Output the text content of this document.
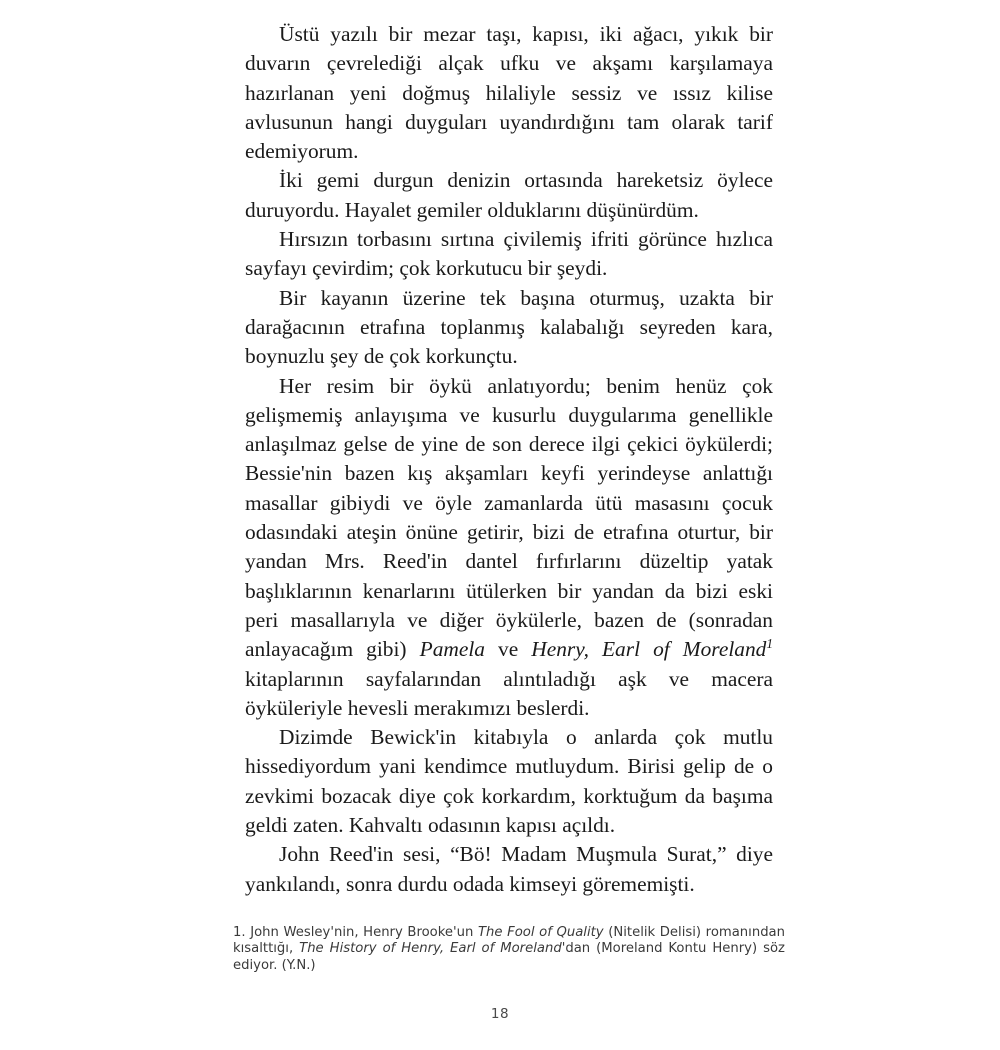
Üstü yazılı bir mezar taşı, kapısı, iki ağacı, yıkık bir duvarın çevrelediği alçak ufku ve akşamı karşılamaya hazırlanan yeni doğmuş hilaliyle sessiz ve ıssız kilise avlusunun hangi duyguları uyandırdığını tam olarak tarif edemiyorum.

İki gemi durgun denizin ortasında hareketsiz öylece duruyordu. Hayalet gemiler olduklarını düşünürdüm.

Hırsızın torbasını sırtına çivilemiş ifriti görünce hızlıca sayfayı çevirdim; çok korkutucu bir şeydi.

Bir kayanın üzerine tek başına oturmuş, uzakta bir darağacının etrafına toplanmış kalabalığı seyreden kara, boynuzlu şey de çok korkunçtu.

Her resim bir öykü anlatıyordu; benim henüz çok gelişmemiş anlayışıma ve kusurlu duygularıma genellikle anlaşılmaz gelse de yine de son derece ilgi çekici öykülerdi; Bessie'nin bazen kış akşamları keyfi yerindeyse anlattığı masallar gibiydi ve öyle zamanlarda ütü masasını çocuk odasındaki ateşin önüne getirir, bizi de etrafına oturtur, bir yandan Mrs. Reed'in dantel fırfırlarını düzeltip yatak başlıklarının kenarlarını ütülerken bir yandan da bizi eski peri masallarıyla ve diğer öykülerle, bazen de (sonradan anlayacağım gibi) Pamela ve Henry, Earl of Moreland$^1$ kitaplarının sayfalarından alıntıladığı aşk ve macera öyküleriyle hevesli merakımızı beslerdi.

Dizimde Bewick'in kitabıyla o anlarda çok mutlu hissediyordum yani kendimce mutluydum. Birisi gelip de o zevkimi bozacak diye çok korkardım, korktuğum da başıma geldi zaten. Kahvaltı odasının kapısı açıldı.

John Reed'in sesi, “Bö! Madam Muşmula Surat,” diye yankılandı, sonra durdu odada kimseyi görememişti.

1. John Wesley'nin, Henry Brooke'un The Fool of Quality (Nitelik Delisi) romanından kısalttığı, The History of Henry, Earl of Moreland'dan (Moreland Kontu Henry) söz ediyor. (Y.N.)

18
